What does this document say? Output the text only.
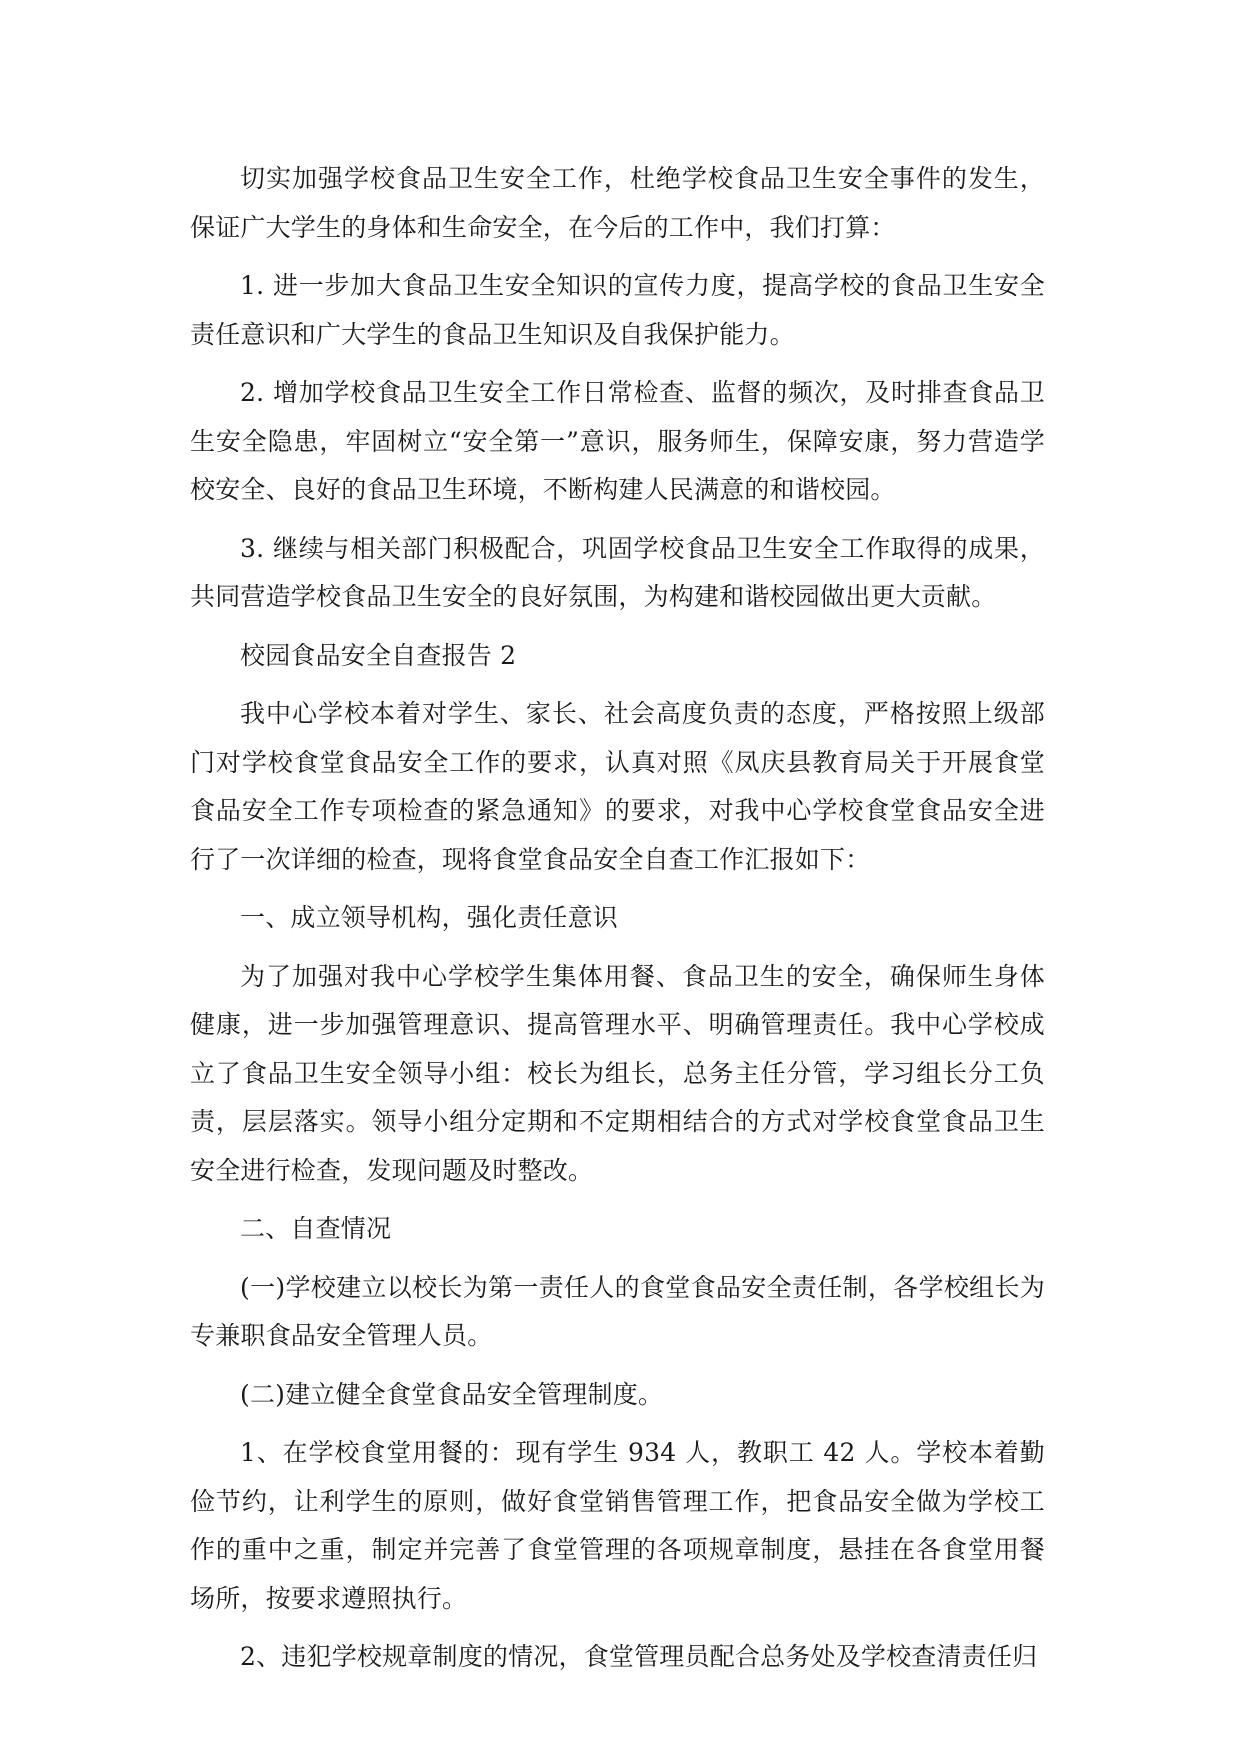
切实加强学校食品卫生安全工作，杜绝学校食品卫生安全事件的发生，保证广大学生的身体和生命安全，在今后的工作中，我们打算：

1. 进一步加大食品卫生安全知识的宣传力度，提高学校的食品卫生安全责任意识和广大学生的食品卫生知识及自我保护能力。

2. 增加学校食品卫生安全工作日常检查、监督的频次，及时排查食品卫生安全隐患，牢固树立“安全第一”意识，服务师生，保障安康，努力营造学校安全、良好的食品卫生环境，不断构建人民满意的和谐校园。

3. 继续与相关部门积极配合，巩固学校食品卫生安全工作取得的成果，共同营造学校食品卫生安全的良好氛围，为构建和谐校园做出更大贡献。

校园食品安全自查报告 2

我中心学校本着对学生、家长、社会高度负责的态度，严格按照上级部门对学校食堂食品安全工作的要求，认真对照《凤庆县教育局关于开展食堂食品安全工作专项检查的紧急通知》的要求，对我中心学校食堂食品安全进行了一次详细的检查，现将食堂食品安全自查工作汇报如下：

一、成立领导机构，强化责任意识

为了加强对我中心学校学生集体用餐、食品卫生的安全，确保师生身体健康，进一步加强管理意识、提高管理水平、明确管理责任。我中心学校成立了食品卫生安全领导小组：校长为组长，总务主任分管，学习组长分工负责，层层落实。领导小组分定期和不定期相结合的方式对学校食堂食品卫生安全进行检查，发现问题及时整改。

二、自查情况

(一)学校建立以校长为第一责任人的食堂食品安全责任制，各学校组长为专兼职食品安全管理人员。

(二)建立健全食堂食品安全管理制度。

1、在学校食堂用餐的：现有学生 934 人，教职工 42 人。学校本着勤俭节约，让利学生的原则，做好食堂销售管理工作，把食品安全做为学校工作的重中之重，制定并完善了食堂管理的各项规章制度，悬挂在各食堂用餐场所，按要求遵照执行。

2、违犯学校规章制度的情况，食堂管理员配合总务处及学校查清责任归
